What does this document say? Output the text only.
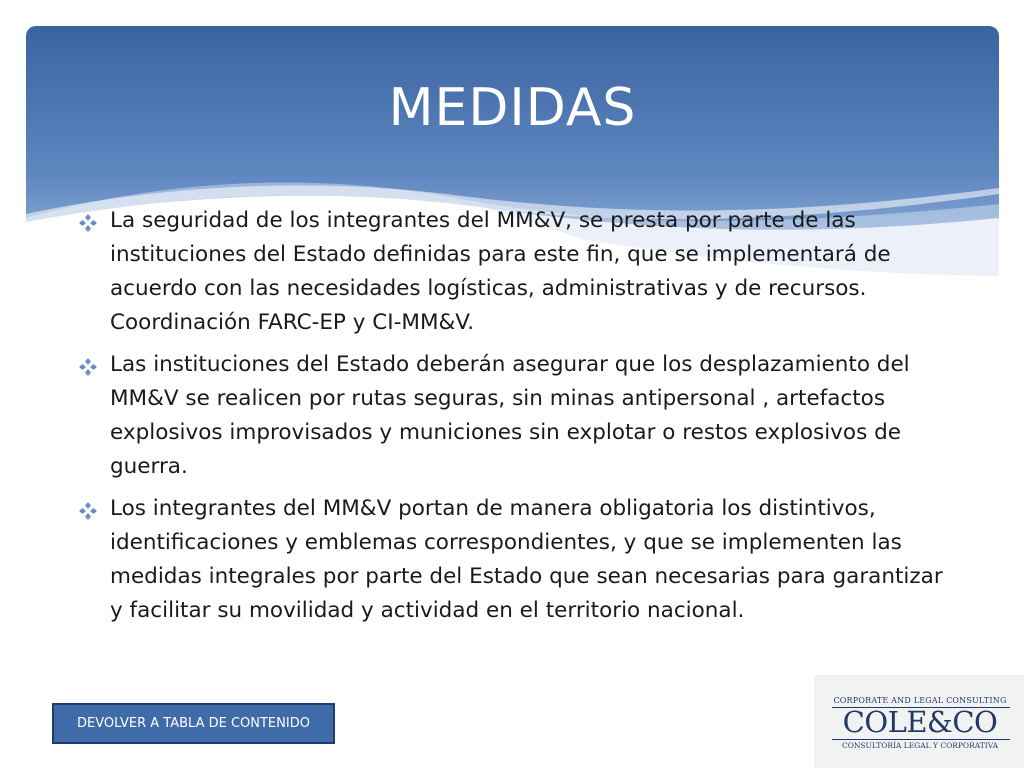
MEDIDAS
La seguridad de los integrantes del MM&V, se presta por parte de las instituciones del Estado definidas para este fin, que se implementará de acuerdo con las necesidades logísticas, administrativas y de recursos. Coordinación FARC-EP y CI-MM&V.
Las instituciones del Estado deberán asegurar que los desplazamiento del MM&V se realicen por rutas seguras, sin minas antipersonal , artefactos explosivos improvisados y municiones sin explotar o restos explosivos de guerra.
Los integrantes del MM&V portan de manera obligatoria los distintivos, identificaciones y emblemas correspondientes, y que se implementen las medidas integrales por parte del Estado que sean necesarias para garantizar y facilitar su movilidad y actividad en el territorio nacional.
DEVOLVER A TABLA DE CONTENIDO
CORPORATE AND LEGAL CONSULTING
COLE&CO
CONSULTORÍA LEGAL Y CORPORATIVA
